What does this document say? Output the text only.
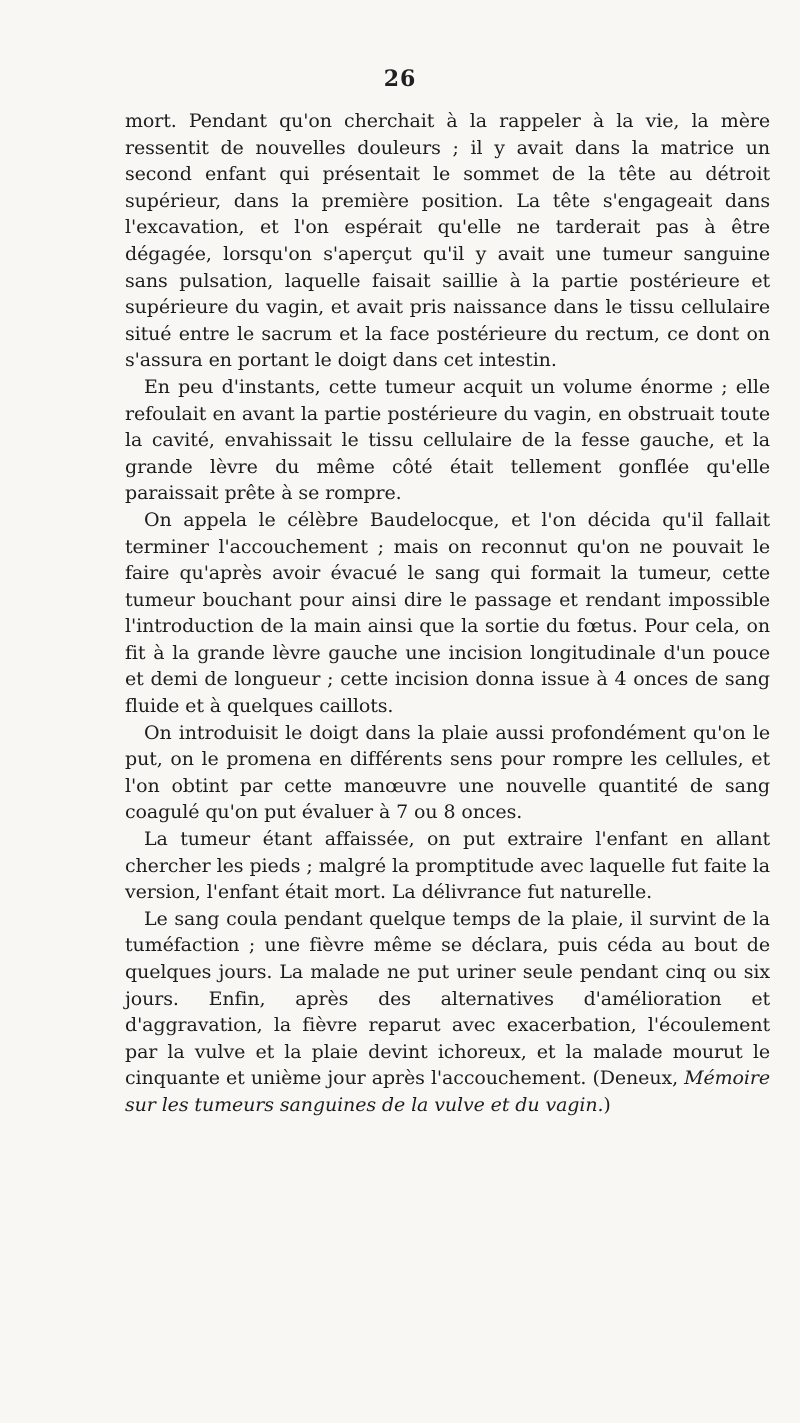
26

mort. Pendant qu'on cherchait à la rappeler à la vie, la mère ressentit de nouvelles douleurs ; il y avait dans la matrice un second enfant qui présentait le sommet de la tête au détroit supérieur, dans la première position. La tête s'engageait dans l'excavation, et l'on espérait qu'elle ne tarderait pas à être dégagée, lorsqu'on s'aperçut qu'il y avait une tumeur sanguine sans pulsation, laquelle faisait saillie à la partie postérieure et supérieure du vagin, et avait pris naissance dans le tissu cellulaire situé entre le sacrum et la face postérieure du rectum, ce dont on s'assura en portant le doigt dans cet intestin.

En peu d'instants, cette tumeur acquit un volume énorme ; elle refoulait en avant la partie postérieure du vagin, en obstruait toute la cavité, envahissait le tissu cellulaire de la fesse gauche, et la grande lèvre du même côté était tellement gonflée qu'elle paraissait prête à se rompre.

On appela le célèbre Baudelocque, et l'on décida qu'il fallait terminer l'accouchement ; mais on reconnut qu'on ne pouvait le faire qu'après avoir évacué le sang qui formait la tumeur, cette tumeur bouchant pour ainsi dire le passage et rendant impossible l'introduction de la main ainsi que la sortie du fœtus. Pour cela, on fit à la grande lèvre gauche une incision longitudinale d'un pouce et demi de longueur ; cette incision donna issue à 4 onces de sang fluide et à quelques caillots.

On introduisit le doigt dans la plaie aussi profondément qu'on le put, on le promena en différents sens pour rompre les cellules, et l'on obtint par cette manœuvre une nouvelle quantité de sang coagulé qu'on put évaluer à 7 ou 8 onces.

La tumeur étant affaissée, on put extraire l'enfant en allant chercher les pieds ; malgré la promptitude avec laquelle fut faite la version, l'enfant était mort. La délivrance fut naturelle.

Le sang coula pendant quelque temps de la plaie, il survint de la tuméfaction ; une fièvre même se déclara, puis céda au bout de quelques jours. La malade ne put uriner seule pendant cinq ou six jours. Enfin, après des alternatives d'amélioration et d'aggravation, la fièvre reparut avec exacerbation, l'écoulement par la vulve et la plaie devint ichoreux, et la malade mourut le cinquante et unième jour après l'accouchement. (Deneux, Mémoire sur les tumeurs sanguines de la vulve et du vagin.)
